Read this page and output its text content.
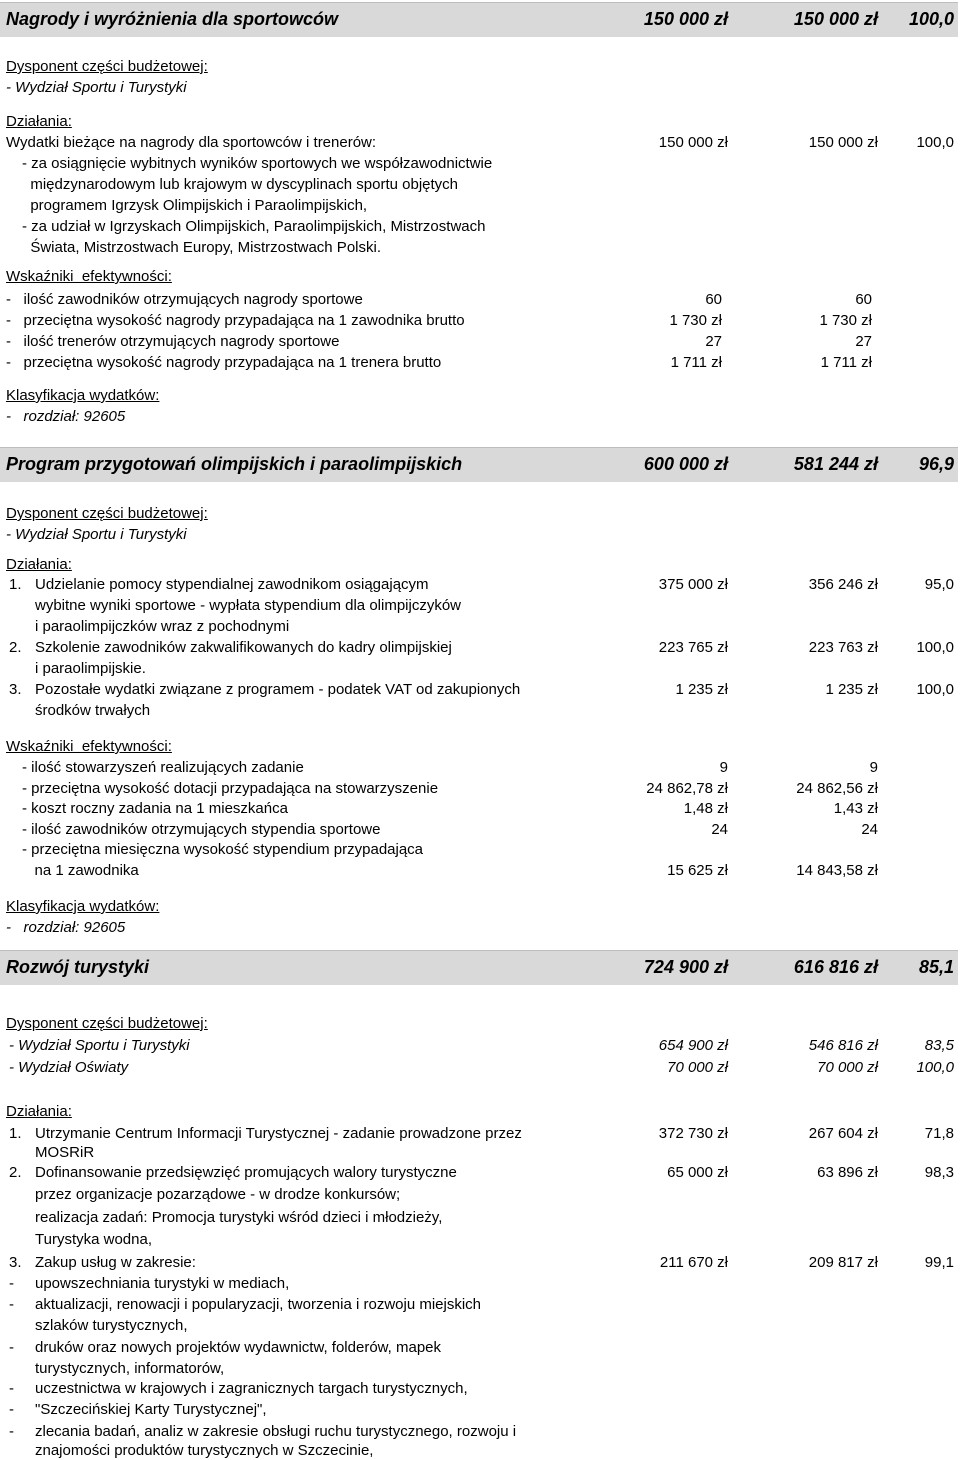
Nagrody i wyróżnienia dla sportowców	150 000 zł	150 000 zł 100,0
Dysponent części budżetowej:
- Wydział Sportu i Turystyki
Działania:
Wydatki bieżące na nagrody dla sportowców i trenerów:	150 000 zł	150 000 zł	100,0
- za osiągnięcie wybitnych wyników sportowych we współzawodnictwie
międzynarodowym lub krajowym w dyscyplinach sportu objętych
programem Igrzysk Olimpijskich i Paraolimpijskich,
- za udział w Igrzyskach Olimpijskich, Paraolimpijskich, Mistrzostwach
Świata, Mistrzostwach Europy, Mistrzostwach Polski.
Wskaźniki  efektywności:
-   ilość zawodników otrzymujących nagrody sportowe	60	60
-   przeciętna wysokość nagrody przypadająca na 1 zawodnika brutto	1 730 zł	1 730 zł
-   ilość trenerów otrzymujących nagrody sportowe	27	27
-   przeciętna wysokość nagrody przypadająca na 1 trenera brutto	1 711 zł	1 711 zł
Klasyfikacja wydatków:
-   rozdział: 92605
Program przygotowań olimpijskich i paraolimpijskich	600 000 zł	581 244 zł 96,9
Dysponent części budżetowej:
- Wydział Sportu i Turystyki
Działania:
1. Udzielanie pomocy stypendialnej zawodnikom osiągającym
wybitne wyniki sportowe - wypłata stypendium dla olimpijczyków
i paraolimpijczków wraz z pochodnymi
375 000 zł	356 246 zł	95,0
2. Szkolenie zawodników zakwalifikowanych do kadry olimpijskiej
i paraolimpijskie.
223 765 zł	223 763 zł	100,0
3. Pozostałe wydatki związane z programem - podatek VAT od zakupionych
środków trwałych
1 235 zł	1 235 zł	100,0
Wskaźniki  efektywności:
- ilość stowarzyszeń realizujących zadanie	9	9
- przeciętna wysokość dotacji przypadająca na stowarzyszenie	24 862,78 zł	24 862,56 zł
- koszt roczny zadania na 1 mieszkańca	1,48 zł	1,43 zł
- ilość zawodników otrzymujących stypendia sportowe	24	24
- przeciętna miesięczna wysokość stypendium przypadająca
na 1 zawodnika	15 625 zł	14 843,58 zł
Klasyfikacja wydatków:
-   rozdział: 92605
Rozwój turystyki	724 900 zł	616 816 zł 85,1
Dysponent części budżetowej:
- Wydział Sportu i Turystyki	654 900 zł	546 816 zł	83,5
- Wydział Oświaty	70 000 zł	70 000 zł	100,0
Działania:
1. Utrzymanie Centrum Informacji Turystycznej - zadanie prowadzone przez
MOSRiR
372 730 zł	267 604 zł	71,8
2. Dofinansowanie przedsięwzięć promujących walory turystyczne
przez organizacje pozarządowe - w drodze konkursów;
realizacja zadań: Promocja turystyki wśród dzieci i młodzieży,
Turystyka wodna,
65 000 zł	63 896 zł	98,3
3. Zakup usług w zakresie:	211 670 zł	209 817 zł	99,1
- upowszechniania turystyki w mediach,
- aktualizacji, renowacji i popularyzacji, tworzenia i rozwoju miejskich
szlaków turystycznych,
- druków oraz nowych projektów wydawnictw, folderów, mapek
turystycznych, informatorów,
- uczestnictwa w krajowych i zagranicznych targach turystycznych,
- "Szczecińskiej Karty Turystycznej",
- zlecania badań, analiz w zakresie obsługi ruchu turystycznego, rozwoju i
znajomości produktów turystycznych w Szczecinie,
